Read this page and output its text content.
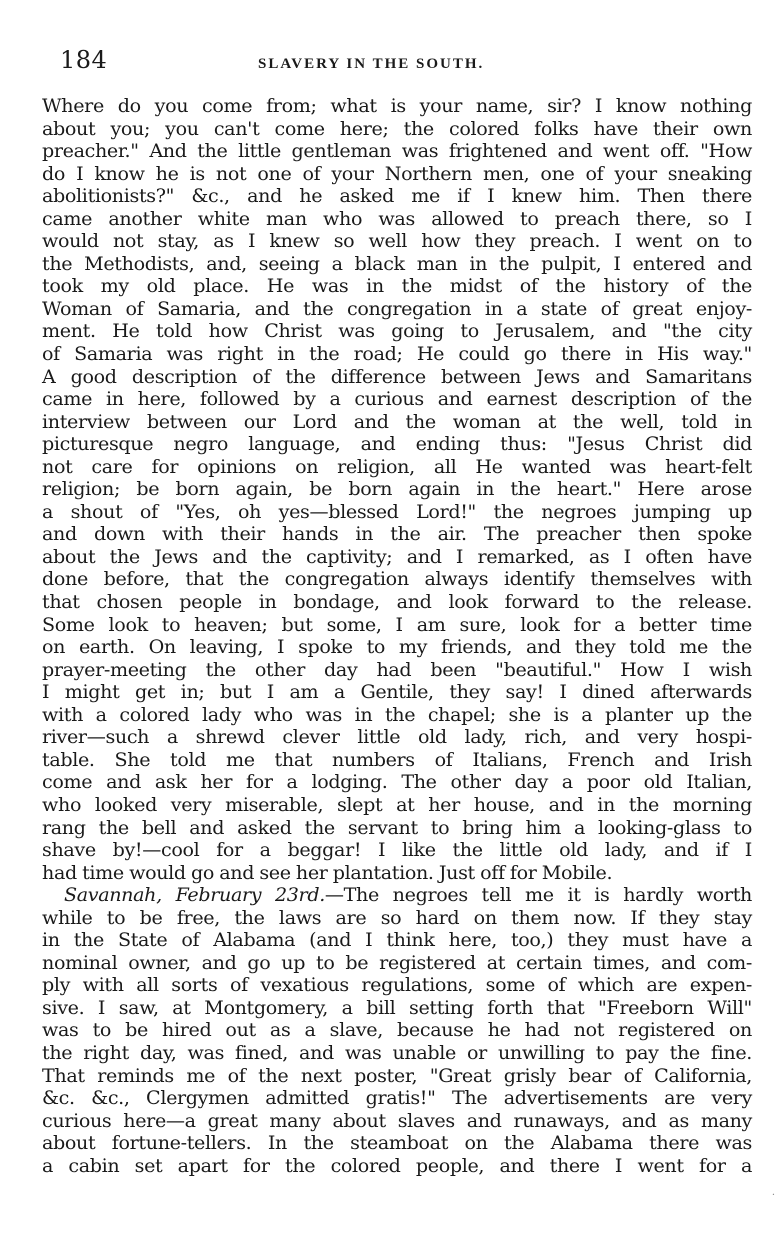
184	SLAVERY IN THE SOUTH.
Where do you come from; what is your name, sir? I know nothing
about you; you can't come here; the colored folks have their own
preacher." And the little gentleman was frightened and went off. "How
do I know he is not one of your Northern men, one of your sneaking
abolitionists?" &c., and he asked me if I knew him. Then there
came another white man who was allowed to preach there, so I
would not stay, as I knew so well how they preach. I went on to
the Methodists, and, seeing a black man in the pulpit, I entered and
took my old place. He was in the midst of the history of the
Woman of Samaria, and the congregation in a state of great enjoy-
ment. He told how Christ was going to Jerusalem, and "the city
of Samaria was right in the road; He could go there in His way."
A good description of the difference between Jews and Samaritans
came in here, followed by a curious and earnest description of the
interview between our Lord and the woman at the well, told in
picturesque negro language, and ending thus: "Jesus Christ did
not care for opinions on religion, all He wanted was heart-felt
religion; be born again, be born again in the heart." Here arose
a shout of "Yes, oh yes—blessed Lord!" the negroes jumping up
and down with their hands in the air. The preacher then spoke
about the Jews and the captivity; and I remarked, as I often have
done before, that the congregation always identify themselves with
that chosen people in bondage, and look forward to the release.
Some look to heaven; but some, I am sure, look for a better time
on earth. On leaving, I spoke to my friends, and they told me the
prayer-meeting the other day had been "beautiful." How I wish
I might get in; but I am a Gentile, they say! I dined afterwards
with a colored lady who was in the chapel; she is a planter up the
river—such a shrewd clever little old lady, rich, and very hospi-
table. She told me that numbers of Italians, French and Irish
come and ask her for a lodging. The other day a poor old Italian,
who looked very miserable, slept at her house, and in the morning
rang the bell and asked the servant to bring him a looking-glass to
shave by!—cool for a beggar! I like the little old lady, and if I
had time would go and see her plantation. Just off for Mobile.
Savannah, February 23rd.—The negroes tell me it is hardly worth
while to be free, the laws are so hard on them now. If they stay
in the State of Alabama (and I think here, too,) they must have a
nominal owner, and go up to be registered at certain times, and com-
ply with all sorts of vexatious regulations, some of which are expen-
sive. I saw, at Montgomery, a bill setting forth that "Freeborn Will"
was to be hired out as a slave, because he had not registered on
the right day, was fined, and was unable or unwilling to pay the fine.
That reminds me of the next poster, "Great grisly bear of California,
&c. &c., Clergymen admitted gratis!" The advertisements are very
curious here—a great many about slaves and runaways, and as many
about fortune-tellers. In the steamboat on the Alabama there was
a cabin set apart for the colored people, and there I went for a
·
